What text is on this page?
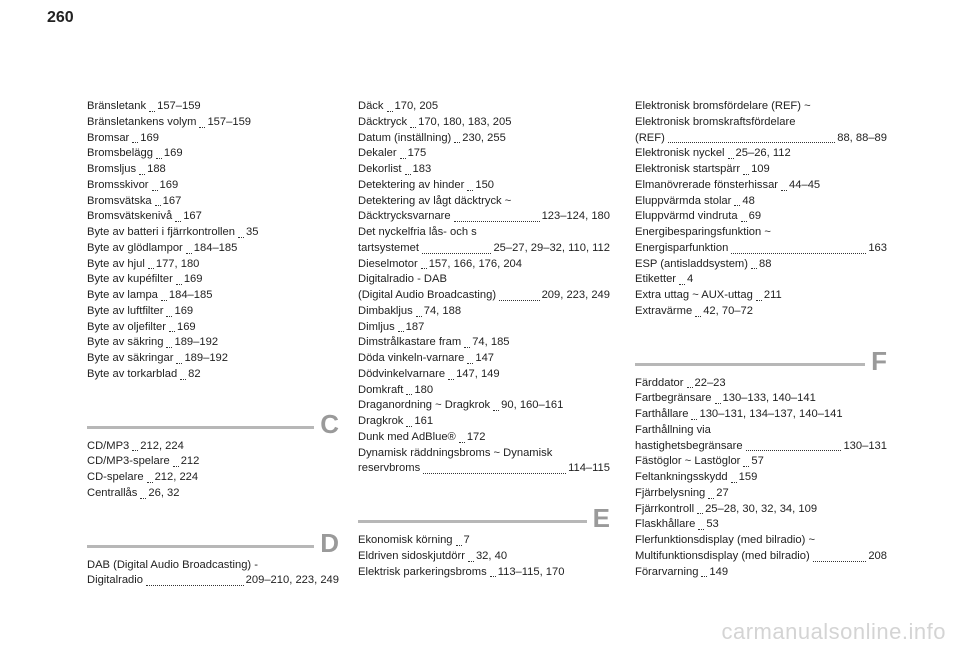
260
Bränsletank 157–159
Bränsletankens volym 157–159
Bromsar 169
Bromsbelägg 169
Bromsljus 188
Bromsskivor 169
Bromsvätska 167
Bromsvätskenivå 167
Byte av batteri i fjärrkontrollen 35
Byte av glödlampor 184–185
Byte av hjul 177, 180
Byte av kupéfilter 169
Byte av lampa 184–185
Byte av luftfilter 169
Byte av oljefilter 169
Byte av säkring 189–192
Byte av säkringar 189–192
Byte av torkarblad 82
C
CD/MP3 212, 224
CD/MP3-spelare 212
CD-spelare 212, 224
Centrallås 26, 32
D
DAB (Digital Audio Broadcasting) -
Digitalradio	209–210, 223, 249
Däck 170, 205
Däcktryck 170, 180, 183, 205
Datum (inställning) 230, 255
Dekaler 175
Dekorlist 183
Detektering av hinder 150
Detektering av lågt däcktryck ~
Däcktrycksvarnare	123–124, 180
Det nyckelfria lås- och s
tartsystemet	25–27, 29–32, 110, 112
Dieselmotor 157, 166, 176, 204
Digitalradio - DAB
(Digital Audio Broadcasting)	209, 223, 249
Dimbakljus 74, 188
Dimljus 187
Dimstrålkastare fram 74, 185
Döda vinkeln-varnare 147
Dödvinkelvarnare 147, 149
Domkraft 180
Draganordning ~ Dragkrok 90, 160–161
Dragkrok 161
Dunk med AdBlue® 172
Dynamisk räddningsbroms ~ Dynamisk
reservbroms	114–115
E
Ekonomisk körning 7
Eldriven sidoskjutdörr 32, 40
Elektrisk parkeringsbroms 113–115, 170
Elektronisk bromsfördelare (REF) ~
Elektronisk bromskraftsfördelare
(REF)	88, 88–89
Elektronisk nyckel 25–26, 112
Elektronisk startspärr 109
Elmanövrerade fönsterhissar 44–45
Eluppvärmda stolar 48
Eluppvärmd vindruta 69
Energibesparingsfunktion ~
Energisparfunktion	163
ESP (antisladdsystem) 88
Etiketter 4
Extra uttag ~ AUX-uttag 211
Extravärme 42, 70–72
F
Färddator 22–23
Fartbegränsare 130–133, 140–141
Farthållare 130–131, 134–137, 140–141
Farthållning via
hastighetsbegränsare	130–131
Fästöglor ~ Lastöglor 57
Feltankningsskydd 159
Fjärrbelysning 27
Fjärrkontroll 25–28, 30, 32, 34, 109
Flaskhållare 53
Flerfunktionsdisplay (med bilradio) ~
Multifunktionsdisplay (med bilradio)	208
Förarvarning 149
carmanualsonline.info
